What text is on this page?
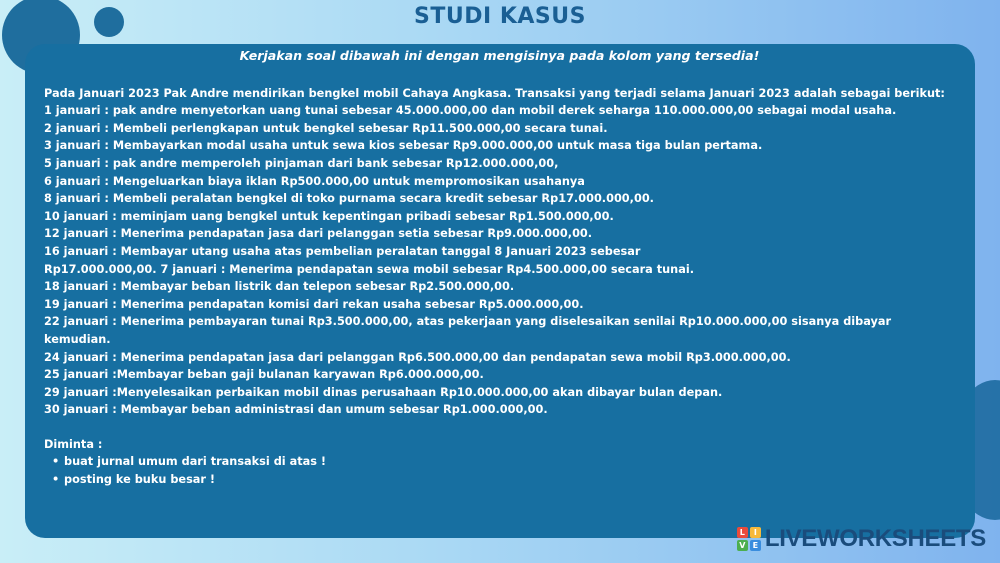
STUDI KASUS

Kerjakan soal dibawah ini dengan mengisinya pada kolom yang tersedia!

Pada Januari 2023 Pak Andre mendirikan bengkel mobil Cahaya Angkasa. Transaksi yang terjadi selama Januari 2023 adalah sebagai berikut:

1 januari : pak andre menyetorkan uang tunai sebesar 45.000.000,00 dan mobil derek seharga 110.000.000,00 sebagai modal usaha.

2 januari : Membeli perlengkapan untuk bengkel sebesar Rp11.500.000,00 secara tunai.

3 januari : Membayarkan modal usaha untuk sewa kios sebesar Rp9.000.000,00 untuk masa tiga bulan pertama.

5 januari : pak andre memperoleh pinjaman dari bank sebesar Rp12.000.000,00,

6 januari : Mengeluarkan biaya iklan Rp500.000,00 untuk mempromosikan usahanya

8 januari : Membeli peralatan bengkel di toko purnama secara kredit sebesar Rp17.000.000,00.

10 januari : meminjam uang bengkel untuk kepentingan pribadi sebesar Rp1.500.000,00.

12 januari : Menerima pendapatan jasa dari pelanggan setia sebesar Rp9.000.000,00.

16 januari : Membayar utang usaha atas pembelian peralatan tanggal 8 Januari 2023 sebesar

Rp17.000.000,00. 7 januari : Menerima pendapatan sewa mobil sebesar Rp4.500.000,00 secara tunai.

18 januari : Membayar beban listrik dan telepon sebesar Rp2.500.000,00.

19 januari : Menerima pendapatan komisi dari rekan usaha sebesar Rp5.000.000,00.

22 januari : Menerima pembayaran tunai Rp3.500.000,00, atas pekerjaan yang diselesaikan senilai Rp10.000.000,00 sisanya dibayar kemudian.

24 januari : Menerima pendapatan jasa dari pelanggan Rp6.500.000,00 dan pendapatan sewa mobil Rp3.000.000,00.

25 januari :Membayar beban gaji bulanan karyawan Rp6.000.000,00.

29 januari :Menyelesaikan perbaikan mobil dinas perusahaan Rp10.000.000,00 akan dibayar bulan depan.

30 januari : Membayar beban administrasi dan umum sebesar Rp1.000.000,00.

Diminta :

• buat jurnal umum dari transaksi di atas !
• posting ke buku besar !
L	I
V E LIVEWORKSHEETS
